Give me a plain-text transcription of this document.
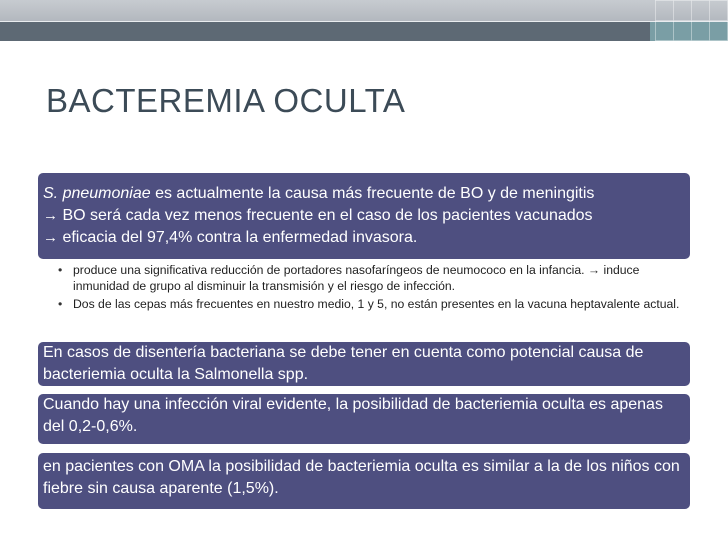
BACTEREMIA OCULTA

S. pneumoniae es actualmente la causa más frecuente de BO y de meningitis

→ BO será cada vez menos frecuente en el caso de los pacientes vacunados

→ eficacia del 97,4% contra la enfermedad invasora.

• produce una significativa reducción de portadores nasofaríngeos de neumococo en la infancia. → induce inmunidad de grupo al disminuir la transmisión y el riesgo de infección.
• Dos de las cepas más frecuentes en nuestro medio, 1 y 5, no están presentes en la vacuna heptavalente actual.

En casos de disentería bacteriana se debe tener en cuenta como potencial causa de bacteriemia oculta la Salmonella spp.

Cuando hay una infección viral evidente, la posibilidad de bacteriemia oculta es apenas del 0,2-0,6%.

en pacientes con OMA la posibilidad de bacteriemia oculta es similar a la de los niños con fiebre sin causa aparente (1,5%).
